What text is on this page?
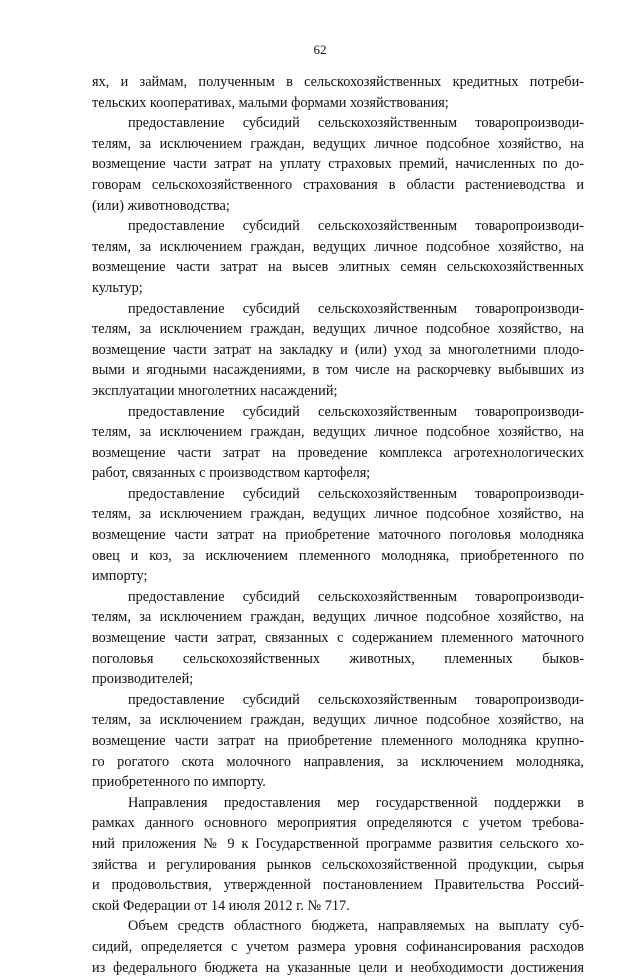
62
ях, и займам, полученным в сельскохозяйственных кредитных потреби-
тельских кооперативах, малыми формами хозяйствования;
предоставление субсидий сельскохозяйственным товаропроизводи-
телям, за исключением граждан, ведущих личное подсобное хозяйство, на
возмещение части затрат на уплату страховых премий, начисленных по до-
говорам сельскохозяйственного страхования в области растениеводства и
(или) животноводства;
предоставление субсидий сельскохозяйственным товаропроизводи-
телям, за исключением граждан, ведущих личное подсобное хозяйство, на
возмещение части затрат на высев элитных семян сельскохозяйственных
культур;
предоставление субсидий сельскохозяйственным товаропроизводи-
телям, за исключением граждан, ведущих личное подсобное хозяйство, на
возмещение части затрат на закладку и (или) уход за многолетними плодо-
выми и ягодными насаждениями, в том числе на раскорчевку выбывших из
эксплуатации многолетних насаждений;
предоставление субсидий сельскохозяйственным товаропроизводи-
телям, за исключением граждан, ведущих личное подсобное хозяйство, на
возмещение части затрат на проведение комплекса агротехнологических
работ, связанных с производством картофеля;
предоставление субсидий сельскохозяйственным товаропроизводи-
телям, за исключением граждан, ведущих личное подсобное хозяйство, на
возмещение части затрат на приобретение маточного поголовья молодняка
овец и коз, за исключением племенного молодняка, приобретенного по
импорту;
предоставление субсидий сельскохозяйственным товаропроизводи-
телям, за исключением граждан, ведущих личное подсобное хозяйство, на
возмещение части затрат, связанных с содержанием племенного маточного
поголовья сельскохозяйственных животных, племенных быков-
производителей;
предоставление субсидий сельскохозяйственным товаропроизводи-
телям, за исключением граждан, ведущих личное подсобное хозяйство, на
возмещение части затрат на приобретение племенного молодняка крупно-
го рогатого скота молочного направления, за исключением молодняка,
приобретенного по импорту.
Направления предоставления мер государственной поддержки в
рамках данного основного мероприятия определяются с учетом требова-
ний приложения № 9 к Государственной программе развития сельского хо-
зяйства и регулирования рынков сельскохозяйственной продукции, сырья
и продовольствия, утвержденной постановлением Правительства Россий-
ской Федерации от 14 июля 2012 г. № 717.
Объем средств областного бюджета, направляемых на выплату суб-
сидий, определяется с учетом размера уровня софинансирования расходов
из федерального бюджета на указанные цели и необходимости достижения
